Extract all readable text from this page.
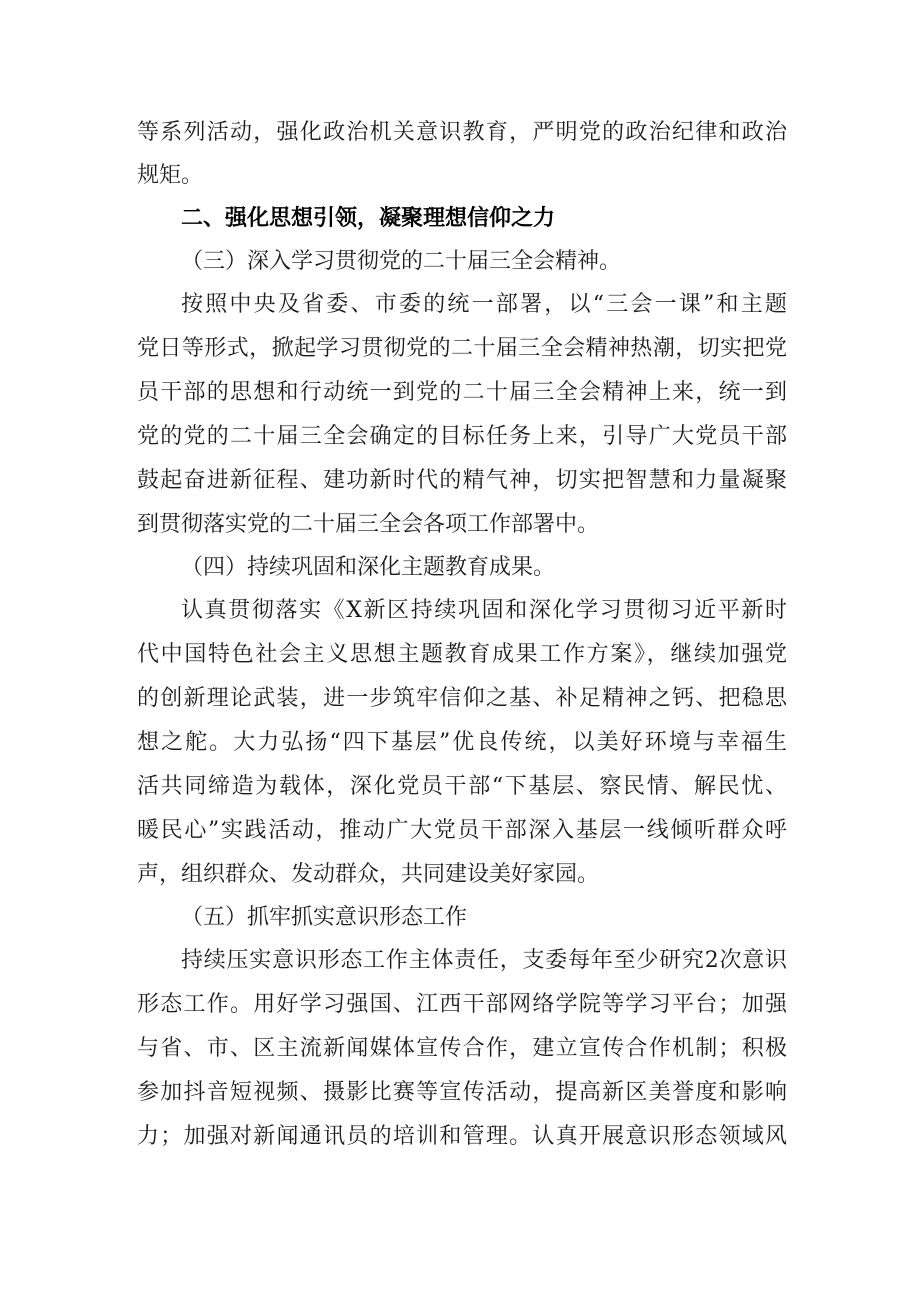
等系列活动，强化政治机关意识教育，严明党的政治纪律和政治
规矩。
二、强化思想引领，凝聚理想信仰之力
（三）深入学习贯彻党的二十届三全会精神。
按照中央及省委、市委的统一部署，以“三会一课”和主题
党日等形式，掀起学习贯彻党的二十届三全会精神热潮，切实把党
员干部的思想和行动统一到党的二十届三全会精神上来，统一到
党的党的二十届三全会确定的目标任务上来，引导广大党员干部
鼓起奋进新征程、建功新时代的精气神，切实把智慧和力量凝聚
到贯彻落实党的二十届三全会各项工作部署中。
（四）持续巩固和深化主题教育成果。
认真贯彻落实《X新区持续巩固和深化学习贯彻习近平新时
代中国特色社会主义思想主题教育成果工作方案》，继续加强党
的创新理论武装，进一步筑牢信仰之基、补足精神之钙、把稳思
想之舵。大力弘扬“四下基层”优良传统，以美好环境与幸福生
活共同缔造为载体，深化党员干部“下基层、察民情、解民忧、
暖民心”实践活动，推动广大党员干部深入基层一线倾听群众呼
声，组织群众、发动群众，共同建设美好家园。
（五）抓牢抓实意识形态工作
持续压实意识形态工作主体责任，支委每年至少研究2次意识
形态工作。用好学习强国、江西干部网络学院等学习平台；加强
与省、市、区主流新闻媒体宣传合作，建立宣传合作机制；积极
参加抖音短视频、摄影比赛等宣传活动，提高新区美誉度和影响
力；加强对新闻通讯员的培训和管理。认真开展意识形态领域风
